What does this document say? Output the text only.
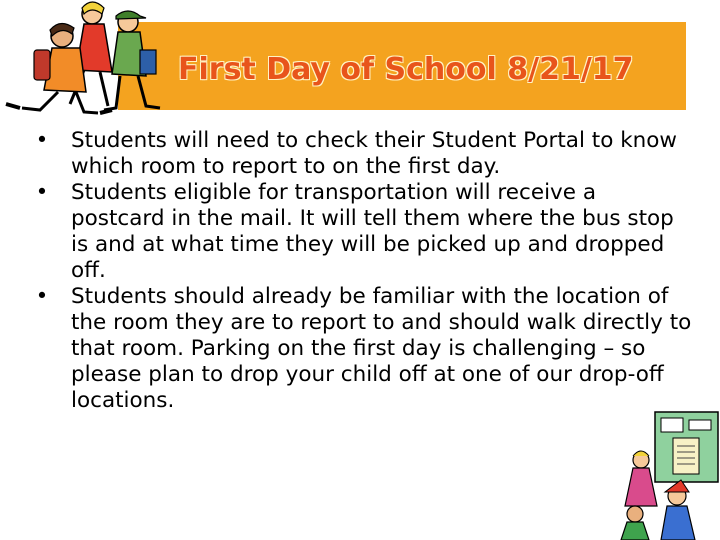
First Day of School 8/21/17
• Students will need to check their Student Portal to know which room to report to on the first day.
• Students eligible for transportation will receive a postcard in the mail. It will tell them where the bus stop is and at what time they will be picked up and dropped off.
• Students should already be familiar with the location of the room they are to report to and should walk directly to that room. Parking on the first day is challenging – so please plan to drop your child off at one of our drop-off locations.
